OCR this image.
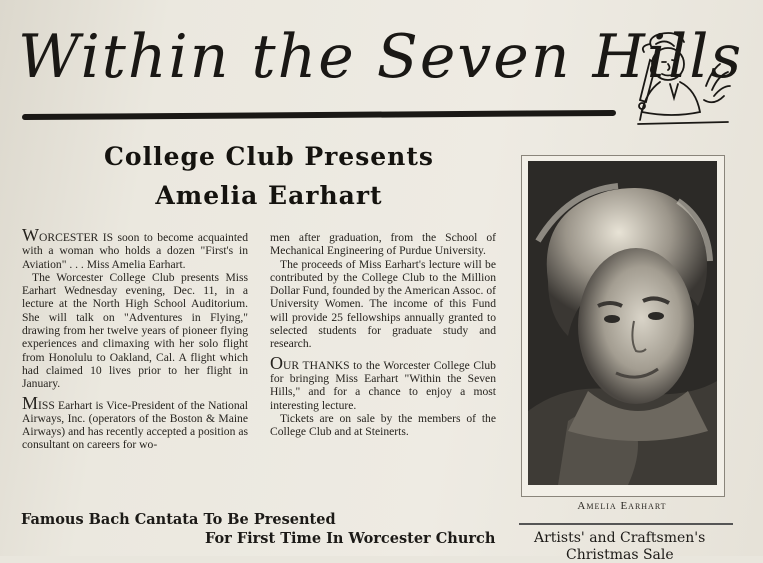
Within the Seven Hills
College Club Presents
Amelia Earhart

WORCESTER IS soon to become acquainted with a woman who holds a dozen "First's in Aviation" . . . Miss Amelia Earhart.

The Worcester College Club presents Miss Earhart Wednesday evening, Dec. 11, in a lecture at the North High School Auditorium. She will talk on "Adventures in Flying," drawing from her twelve years of pioneer flying experiences and climaxing with her solo flight from Honolulu to Oakland, Cal. A flight which had claimed 10 lives prior to her flight in January.

MISS Earhart is Vice-President of the National Airways, Inc. (operators of the Boston & Maine Airways) and has recently accepted a position as consultant on careers for wo-

men after graduation, from the School of Mechanical Engineering of Purdue University.

The proceeds of Miss Earhart's lecture will be contributed by the College Club to the Million Dollar Fund, founded by the American Assoc. of University Women. The income of this Fund will provide 25 fellowships annually granted to selected students for graduate study and research.

OUR THANKS to the Worcester College Club for bringing Miss Earhart "Within the Seven Hills," and for a chance to enjoy a most interesting lecture.

Tickets are on sale by the members of the College Club and at Steinerts.

Amelia Earhart
Artists' and Craftsmen's
Christmas Sale
Famous Bach Cantata To Be Presented
For First Time In Worcester Church
